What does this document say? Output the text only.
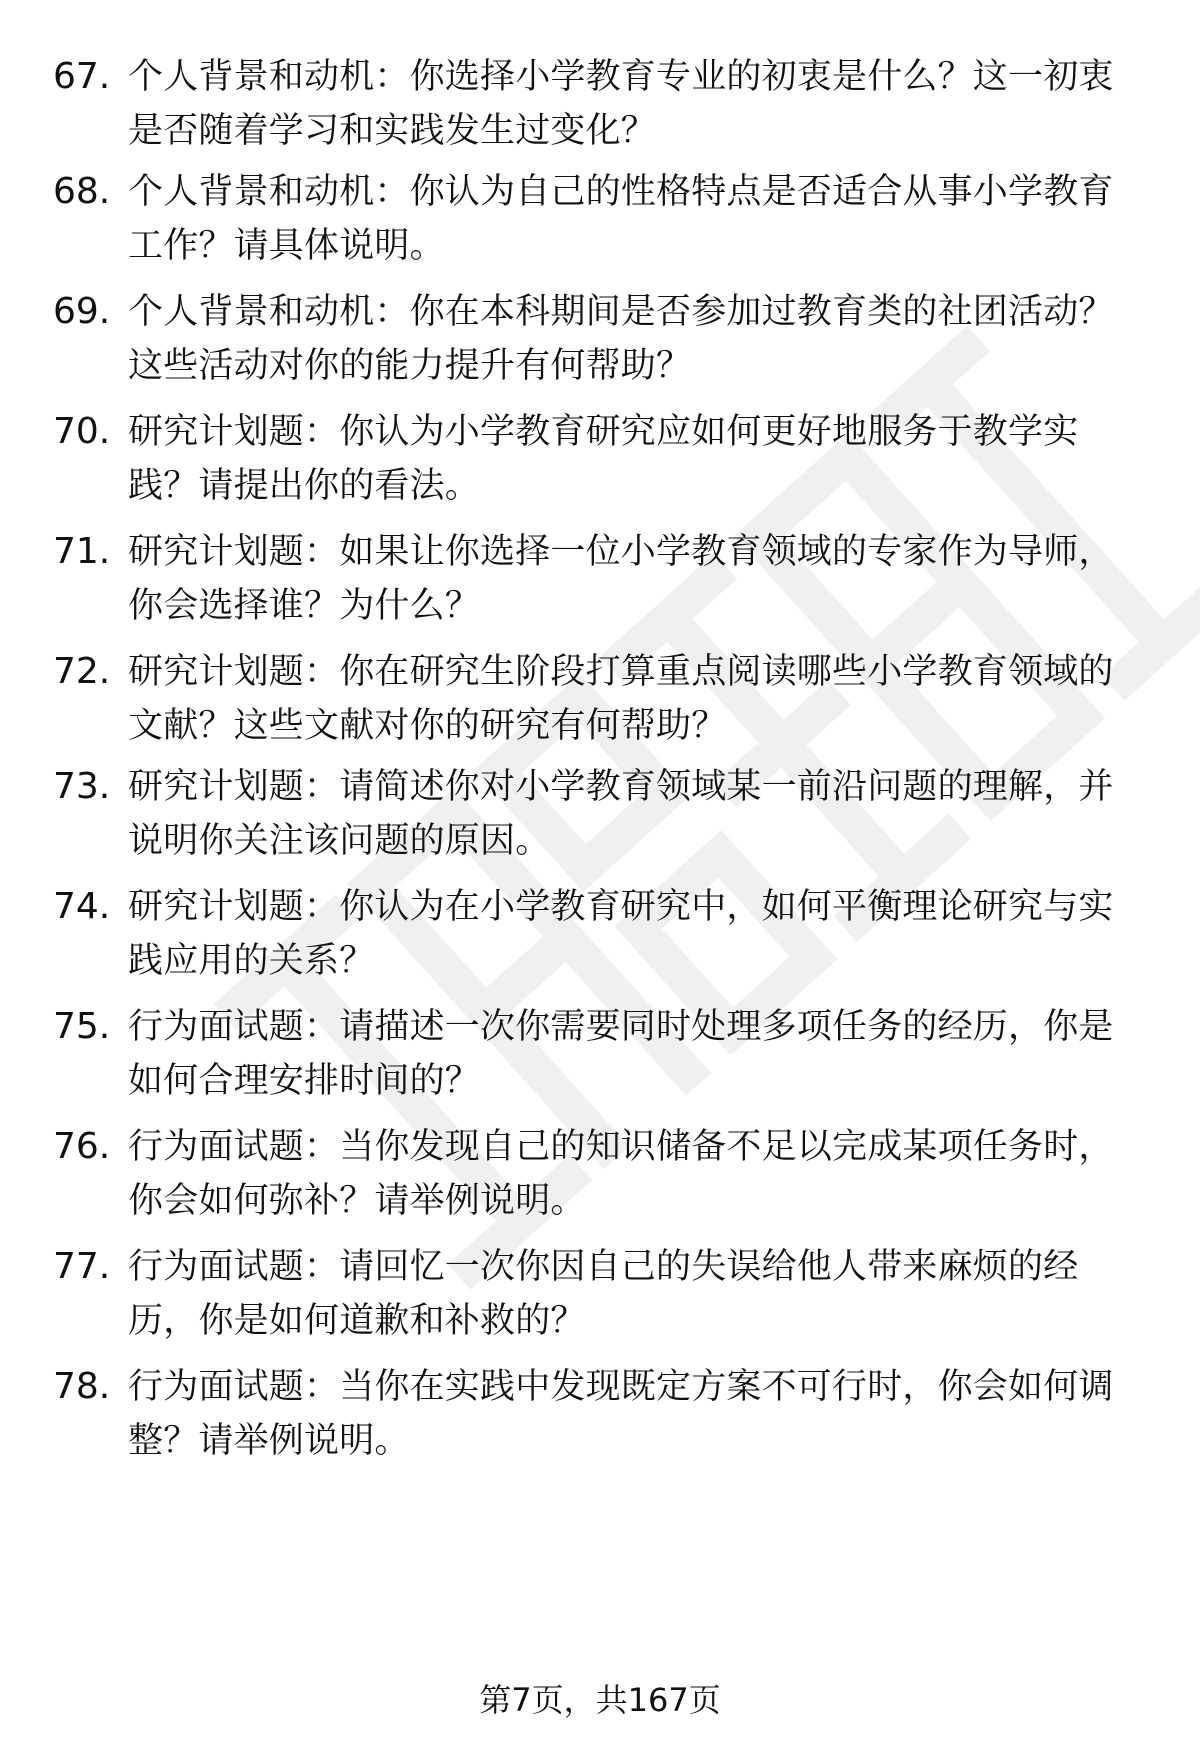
67. 个人背景和动机：你选择小学教育专业的初衷是什么？这一初衷
是否随着学习和实践发生过变化？
68. 个人背景和动机：你认为自己的性格特点是否适合从事小学教育
工作？请具体说明。
69. 个人背景和动机：你在本科期间是否参加过教育类的社团活动？
这些活动对你的能力提升有何帮助？
70. 研究计划题：你认为小学教育研究应如何更好地服务于教学实
践？请提出你的看法。
71. 研究计划题：如果让你选择一位小学教育领域的专家作为导师，
你会选择谁？为什么？
72. 研究计划题：你在研究生阶段打算重点阅读哪些小学教育领域的
文献？这些文献对你的研究有何帮助？
73. 研究计划题：请简述你对小学教育领域某一前沿问题的理解，并
说明你关注该问题的原因。
74. 研究计划题：你认为在小学教育研究中，如何平衡理论研究与实
践应用的关系？
75. 行为面试题：请描述一次你需要同时处理多项任务的经历，你是
如何合理安排时间的？
76. 行为面试题：当你发现自己的知识储备不足以完成某项任务时，
你会如何弥补？请举例说明。
77. 行为面试题：请回忆一次你因自己的失误给他人带来麻烦的经
历，你是如何道歉和补救的？
78. 行为面试题：当你在实践中发现既定方案不可行时，你会如何调
整？请举例说明。
第7页，共167页
